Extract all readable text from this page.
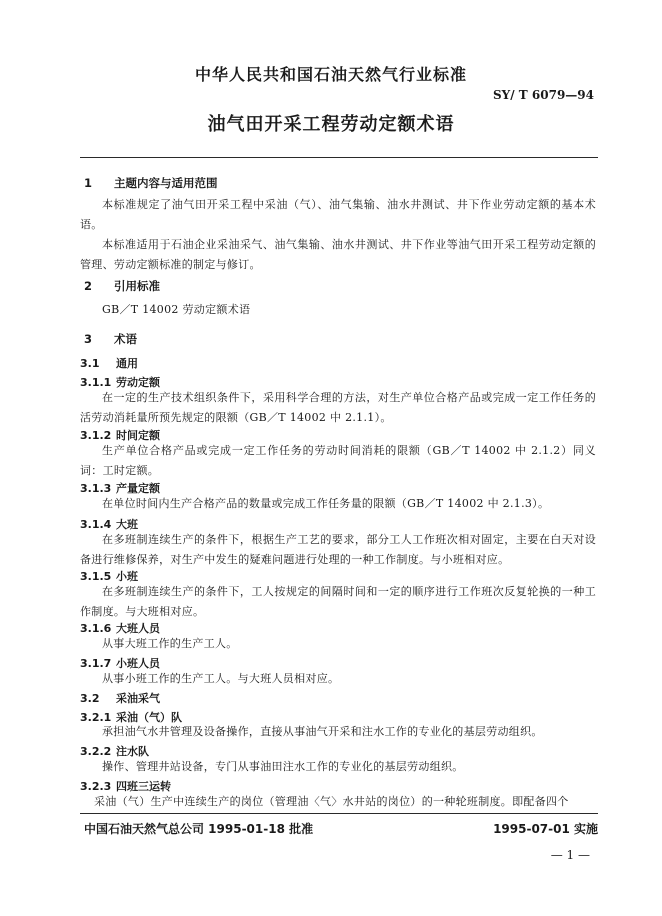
中华人民共和国石油天然气行业标准
SY/ T 6079—94
油气田开采工程劳动定额术语
1 主题内容与适用范围
本标准规定了油气田开采工程中采油（气）、油气集输、油水井测试、井下作业劳动定额的基本术语。
本标准适用于石油企业采油采气、油气集输、油水井测试、井下作业等油气田开采工程劳动定额的管理、劳动定额标准的制定与修订。
2 引用标准
GB／T 14002 劳动定额术语
3 术语
3.1 通用
3.1.1 劳动定额
在一定的生产技术组织条件下，采用科学合理的方法，对生产单位合格产品或完成一定工作任务的活劳动消耗量所预先规定的限额（GB／T 14002 中 2.1.1）。
3.1.2 时间定额
生产单位合格产品或完成一定工作任务的劳动时间消耗的限额（GB／T 14002 中 2.1.2）同义词：工时定额。
3.1.3 产量定额
在单位时间内生产合格产品的数量或完成工作任务量的限额（GB／T 14002 中 2.1.3）。
3.1.4 大班
在多班制连续生产的条件下，根据生产工艺的要求，部分工人工作班次相对固定，主要在白天对设备进行维修保养，对生产中发生的疑难问题进行处理的一种工作制度。与小班相对应。
3.1.5 小班
在多班制连续生产的条件下，工人按规定的间隔时间和一定的顺序进行工作班次反复轮换的一种工作制度。与大班相对应。
3.1.6 大班人员
从事大班工作的生产工人。
3.1.7 小班人员
从事小班工作的生产工人。与大班人员相对应。
3.2 采油采气
3.2.1 采油（气）队
承担油气水井管理及设备操作，直接从事油气开采和注水工作的专业化的基层劳动组织。
3.2.2 注水队
操作、管理井站设备，专门从事油田注水工作的专业化的基层劳动组织。
3.2.3 四班三运转
采油（气）生产中连续生产的岗位（管理油〈气〉水井站的岗位）的一种轮班制度。即配备四个
中国石油天然气总公司 1995-01-18 批准	1995-07-01 实施
— 1 —
